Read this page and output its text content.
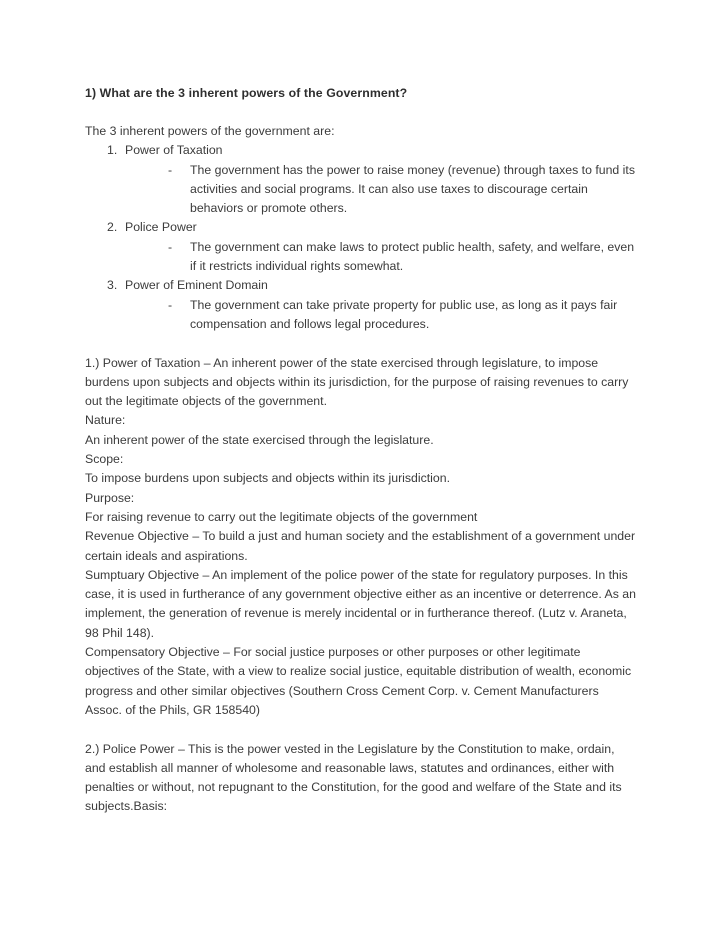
1) What are the 3 inherent powers of the Government?

The 3 inherent powers of the government are:

1. Power of Taxation
- The government has the power to raise money (revenue) through taxes to fund its activities and social programs. It can also use taxes to discourage certain behaviors or promote others.
2. Police Power
- The government can make laws to protect public health, safety, and welfare, even if it restricts individual rights somewhat.
3. Power of Eminent Domain
- The government can take private property for public use, as long as it pays fair compensation and follows legal procedures.
1.) Power of Taxation – An inherent power of the state exercised through legislature, to impose burdens upon subjects and objects within its jurisdiction, for the purpose of raising revenues to carry out the legitimate objects of the government.
Nature:
An inherent power of the state exercised through the legislature.
Scope:
To impose burdens upon subjects and objects within its jurisdiction.
Purpose:
For raising revenue to carry out the legitimate objects of the government
Revenue Objective – To build a just and human society and the establishment of a government under certain ideals and aspirations.
Sumptuary Objective – An implement of the police power of the state for regulatory purposes. In this case, it is used in furtherance of any government objective either as an incentive or deterrence. As an implement, the generation of revenue is merely incidental or in furtherance thereof. (Lutz v. Araneta, 98 Phil 148).
Compensatory Objective – For social justice purposes or other purposes or other legitimate objectives of the State, with a view to realize social justice, equitable distribution of wealth, economic progress and other similar objectives (Southern Cross Cement Corp. v. Cement Manufacturers Assoc. of the Phils, GR 158540)
2.) Police Power – This is the power vested in the Legislature by the Constitution to make, ordain, and establish all manner of wholesome and reasonable laws, statutes and ordinances, either with penalties or without, not repugnant to the Constitution, for the good and welfare of the State and its subjects.Basis:
